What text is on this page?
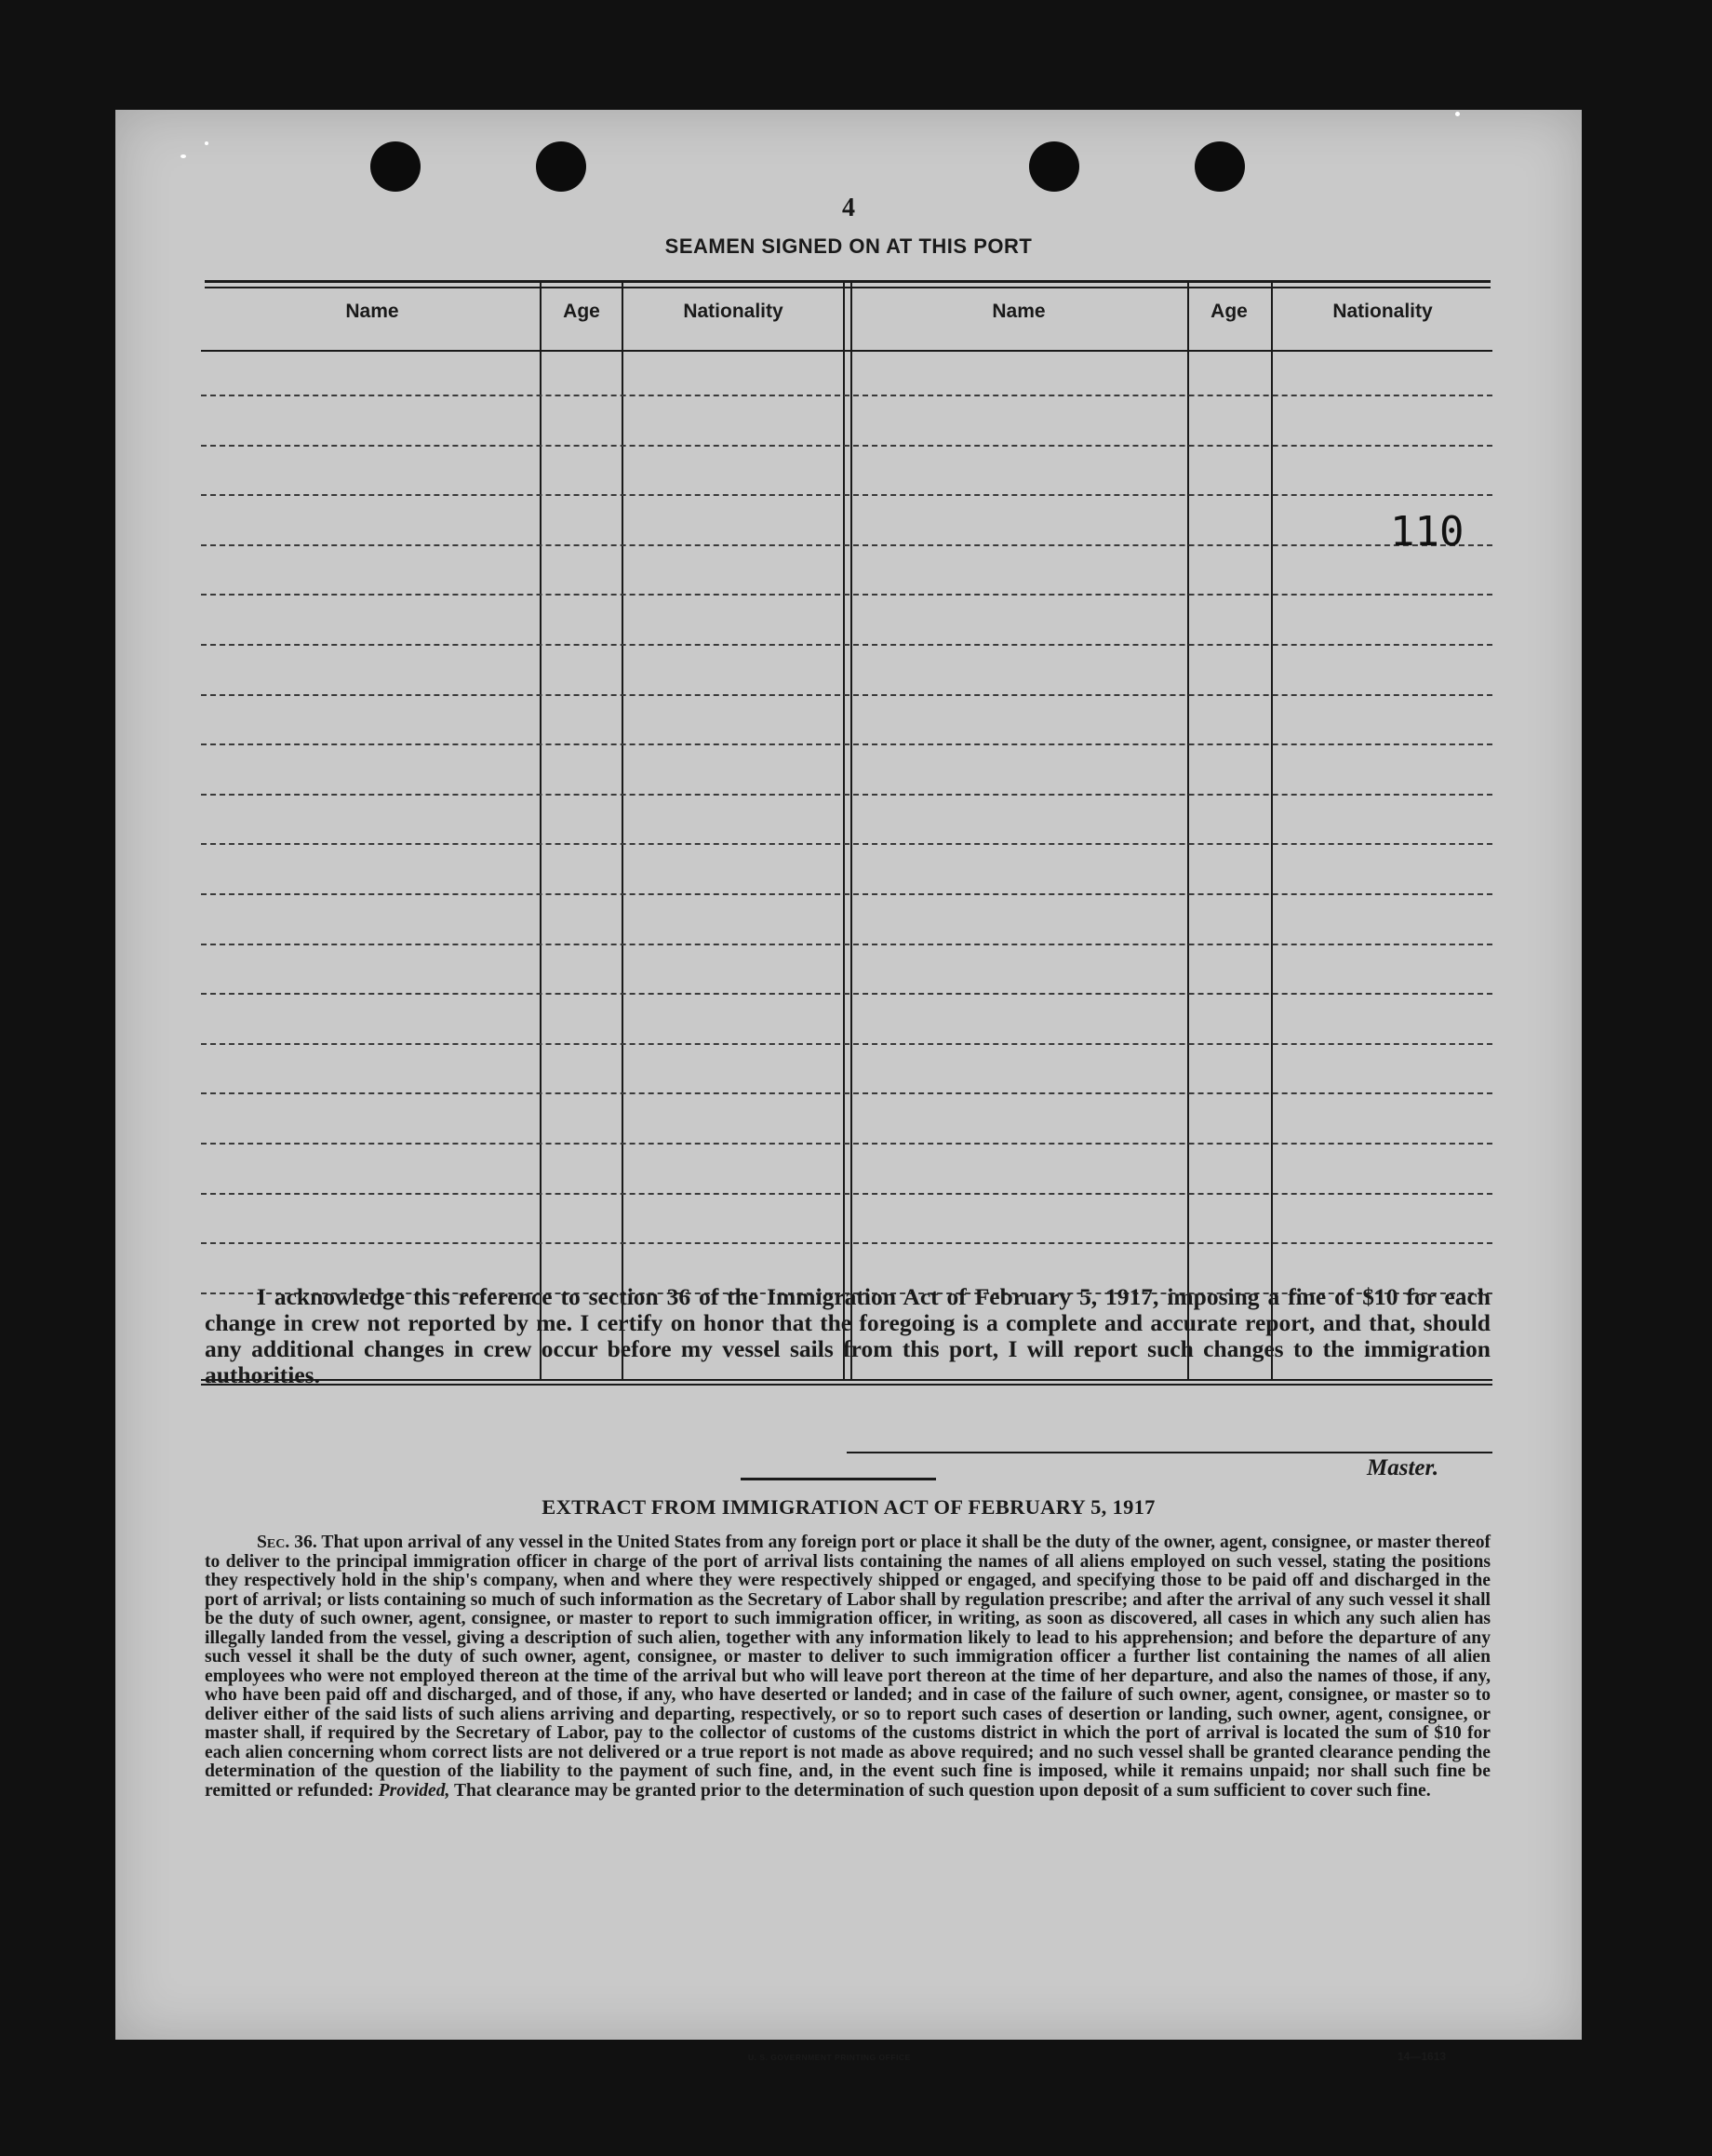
4
SEAMEN SIGNED ON AT THIS PORT
Name	Age	Nationality	Name	Age	Nationality
110
I acknowledge this reference to section 36 of the Immigration Act of February 5, 1917, imposing a fine of $10 for each change in crew not reported by me. I certify on honor that the foregoing is a complete and accurate report, and that, should any additional changes in crew occur before my vessel sails from this port, I will report such changes to the immigration authorities.
Master.
EXTRACT FROM IMMIGRATION ACT OF FEBRUARY 5, 1917
Sec. 36. That upon arrival of any vessel in the United States from any foreign port or place it shall be the duty of the owner, agent, consignee, or master thereof to deliver to the principal immigration officer in charge of the port of arrival lists containing the names of all aliens employed on such vessel, stating the positions they respectively hold in the ship's company, when and where they were respectively shipped or engaged, and specifying those to be paid off and discharged in the port of arrival; or lists containing so much of such information as the Secretary of Labor shall by regulation prescribe; and after the arrival of any such vessel it shall be the duty of such owner, agent, consignee, or master to report to such immigration officer, in writing, as soon as discovered, all cases in which any such alien has illegally landed from the vessel, giving a description of such alien, together with any information likely to lead to his apprehension; and before the departure of any such vessel it shall be the duty of such owner, agent, consignee, or master to deliver to such immigration officer a further list containing the names of all alien employees who were not employed thereon at the time of the arrival but who will leave port thereon at the time of her departure, and also the names of those, if any, who have been paid off and discharged, and of those, if any, who have deserted or landed; and in case of the failure of such owner, agent, consignee, or master so to deliver either of the said lists of such aliens arriving and departing, respectively, or so to report such cases of desertion or landing, such owner, agent, consignee, or master shall, if required by the Secretary of Labor, pay to the collector of customs of the customs district in which the port of arrival is located the sum of $10 for each alien concerning whom correct lists are not delivered or a true report is not made as above required; and no such vessel shall be granted clearance pending the determination of the question of the liability to the payment of such fine, and, in the event such fine is imposed, while it remains unpaid; nor shall such fine be remitted or refunded: Provided, That clearance may be granted prior to the determination of such question upon deposit of a sum sufficient to cover such fine.
U. S. GOVERNMENT PRINTING OFFICE	14—1613
